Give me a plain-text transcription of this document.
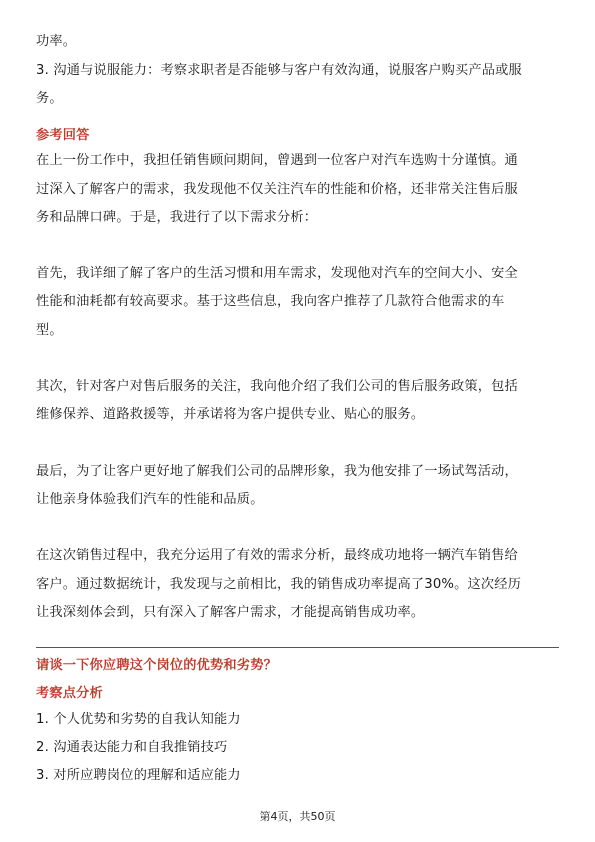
功率。
3. 沟通与说服能力：考察求职者是否能够与客户有效沟通，说服客户购买产品或服
务。
参考回答
在上一份工作中，我担任销售顾问期间，曾遇到一位客户对汽车选购十分谨慎。通
过深入了解客户的需求，我发现他不仅关注汽车的性能和价格，还非常关注售后服
务和品牌口碑。于是，我进行了以下需求分析：
首先，我详细了解了客户的生活习惯和用车需求，发现他对汽车的空间大小、安全
性能和油耗都有较高要求。基于这些信息，我向客户推荐了几款符合他需求的车
型。
其次，针对客户对售后服务的关注，我向他介绍了我们公司的售后服务政策，包括
维修保养、道路救援等，并承诺将为客户提供专业、贴心的服务。
最后，为了让客户更好地了解我们公司的品牌形象，我为他安排了一场试驾活动，
让他亲身体验我们汽车的性能和品质。
在这次销售过程中，我充分运用了有效的需求分析，最终成功地将一辆汽车销售给
客户。通过数据统计，我发现与之前相比，我的销售成功率提高了30%。这次经历
让我深刻体会到，只有深入了解客户需求，才能提高销售成功率。
请谈一下你应聘这个岗位的优势和劣势？
考察点分析
1. 个人优势和劣势的自我认知能力
2. 沟通表达能力和自我推销技巧
3. 对所应聘岗位的理解和适应能力
第4页，共50页
